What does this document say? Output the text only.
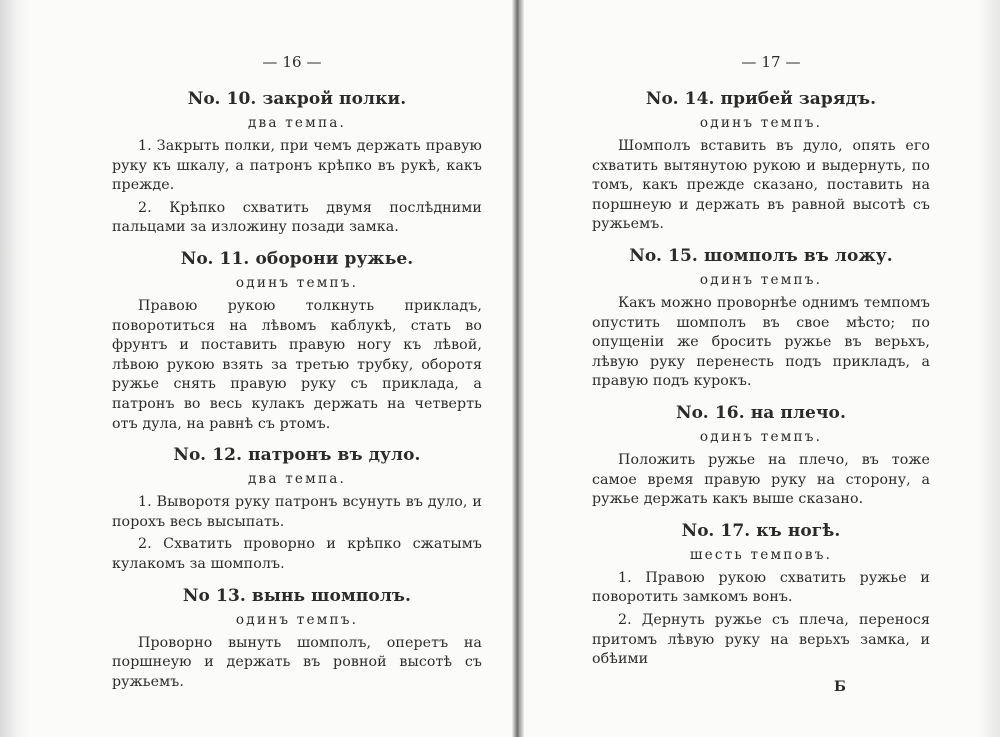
— 16 —
No. 10. закрой полки.
два темпа.

1. Закрыть полки, при чемъ держать правую руку къ шкалу, а патронъ крѣпко въ рукѣ, какъ прежде.

2. Крѣпко схватить двумя послѣдними пальцами за изложину позади замка.

No. 11. оборони ружье.
одинъ темпъ.

Правою рукою толкнуть прикладъ, поворотиться на лѣвомъ каблукѣ, стать во фрунтъ и поставить правую ногу къ лѣвой, лѣвою рукою взять за третью трубку, оборотя ружье снять правую руку съ приклада, а патронъ во весь кулакъ держать на четверть отъ дула, на равнѣ съ ртомъ.

No. 12. патронъ въ дуло.
два темпа.

1. Выворотя руку патронъ всунуть въ дуло, и порохъ весь высыпать.

2. Схватить проворно и крѣпко сжатымъ кулакомъ за шомполъ.

No 13. вынь шомполъ.
одинъ темпъ.

Проворно вынуть шомполъ, оперетъ на поршнеую и держать въ ровной высотѣ съ ружьемъ.

— 17 —
No. 14. прибей зарядъ.
одинъ темпъ.

Шомполъ вставить въ дуло, опять его схватить вытянутою рукою и выдернуть, по томъ, какъ прежде сказано, поставить на поршнеую и держать въ равной высотѣ съ ружьемъ.

No. 15. шомполъ въ ложу.
одинъ темпъ.

Какъ можно проворнѣе однимъ темпомъ опустить шомполъ въ свое мѣсто; по опущенiи же бросить ружье въ верьхъ, лѣвую руку перенесть подъ прикладъ, а правую подъ курокъ.

No. 16. на плечо.
одинъ темпъ.

Положить ружье на плечо, въ тоже самое время правую руку на сторону, а ружье держать какъ выше сказано.

No. 17. къ ногѣ.
шесть темповъ.

1. Правою рукою схватить ружье и поворотить замкомъ вонъ.

2. Дернуть ружье съ плеча, перенося притомъ лѣвую руку на верьхъ замка, и обѣими

Б
